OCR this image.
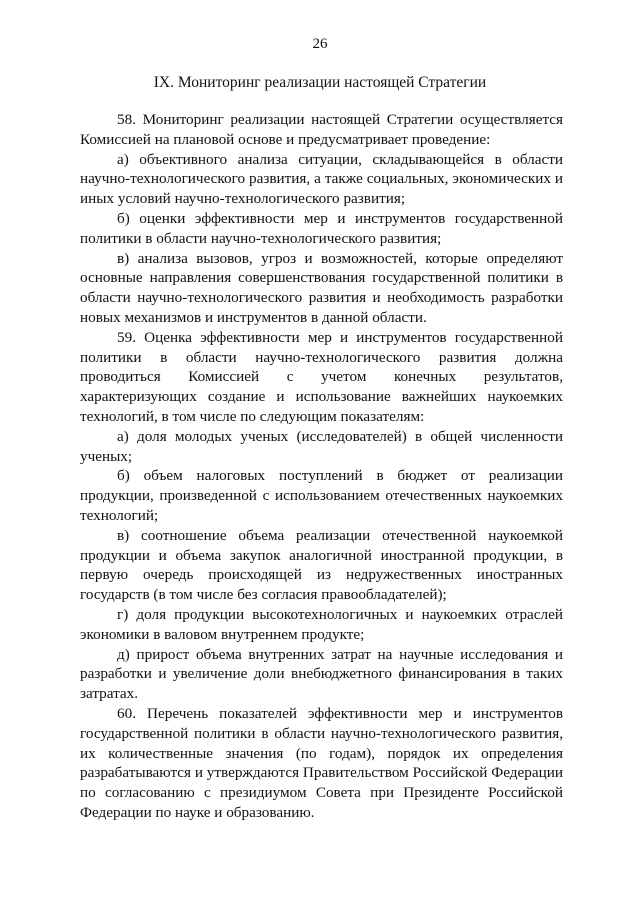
26
IX. Мониторинг реализации настоящей Стратегии

58. Мониторинг реализации настоящей Стратегии осуществляется Комиссией на плановой основе и предусматривает проведение:

а) объективного анализа ситуации, складывающейся в области научно-технологического развития, а также социальных, экономических и иных условий научно-технологического развития;

б) оценки эффективности мер и инструментов государственной политики в области научно-технологического развития;

в) анализа вызовов, угроз и возможностей, которые определяют основные направления совершенствования государственной политики в области научно-технологического развития и необходимость разработки новых механизмов и инструментов в данной области.

59. Оценка эффективности мер и инструментов государственной политики в области научно-технологического развития должна проводиться Комиссией с учетом конечных результатов, характеризующих создание и использование важнейших наукоемких технологий, в том числе по следующим показателям:

а) доля молодых ученых (исследователей) в общей численности ученых;

б) объем налоговых поступлений в бюджет от реализации продукции, произведенной с использованием отечественных наукоемких технологий;

в) соотношение объема реализации отечественной наукоемкой продукции и объема закупок аналогичной иностранной продукции, в первую очередь происходящей из недружественных иностранных государств (в том числе без согласия правообладателей);

г) доля продукции высокотехнологичных и наукоемких отраслей экономики в валовом внутреннем продукте;

д) прирост объема внутренних затрат на научные исследования и разработки и увеличение доли внебюджетного финансирования в таких затратах.

60. Перечень показателей эффективности мер и инструментов государственной политики в области научно-технологического развития, их количественные значения (по годам), порядок их определения разрабатываются и утверждаются Правительством Российской Федерации по согласованию с президиумом Совета при Президенте Российской Федерации по науке и образованию.
